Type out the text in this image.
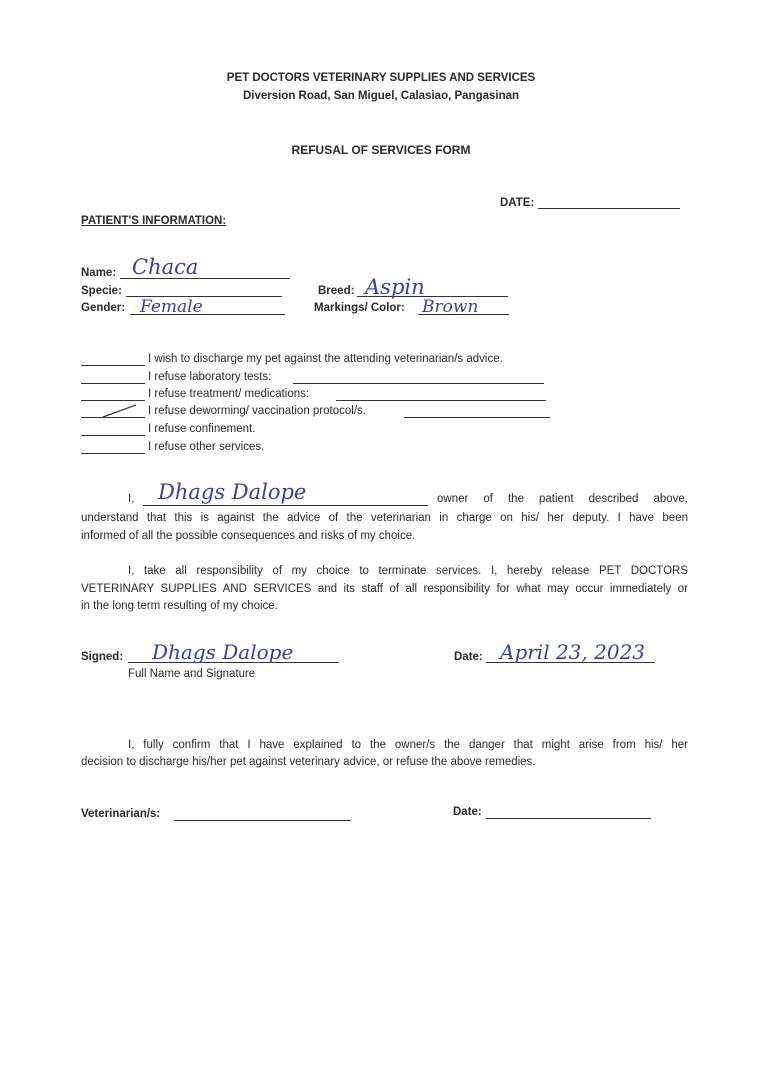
PET DOCTORS VETERINARY SUPPLIES AND SERVICES
Diversion Road, San Miguel, Calasiao, Pangasinan
REFUSAL OF SERVICES FORM
DATE:
PATIENT'S INFORMATION:
Name: Chaca
Specie:
Gender: Female
Breed: Aspin
Markings/ Color: Brown
I wish to discharge my pet against the attending veterinarian/s advice.
I refuse laboratory tests:
I refuse treatment/ medications:
I refuse deworming/ vaccination protocol/s.
I refuse confinement.
I refuse other services.
I, Dhags Dalope	owner of the patient described above,
understand that this is against the advice of the veterinarian in charge on his/ her deputy. I have been
informed of all the possible consequences and risks of my choice.
I, take all responsibility of my choice to terminate services. I, hereby release PET DOCTORS
VETERINARY SUPPLIES AND SERVICES and its staff of all responsibility for what may occur immediately or
in the long term resulting of my choice.
Signed: Dhags Dalope
Full Name and Signature
Date: April 23, 2023
I, fully confirm that I have explained to the owner/s the danger that might arise from his/ her
decision to discharge his/her pet against veterinary advice, or refuse the above remedies.
Veterinarian/s:	Date:
